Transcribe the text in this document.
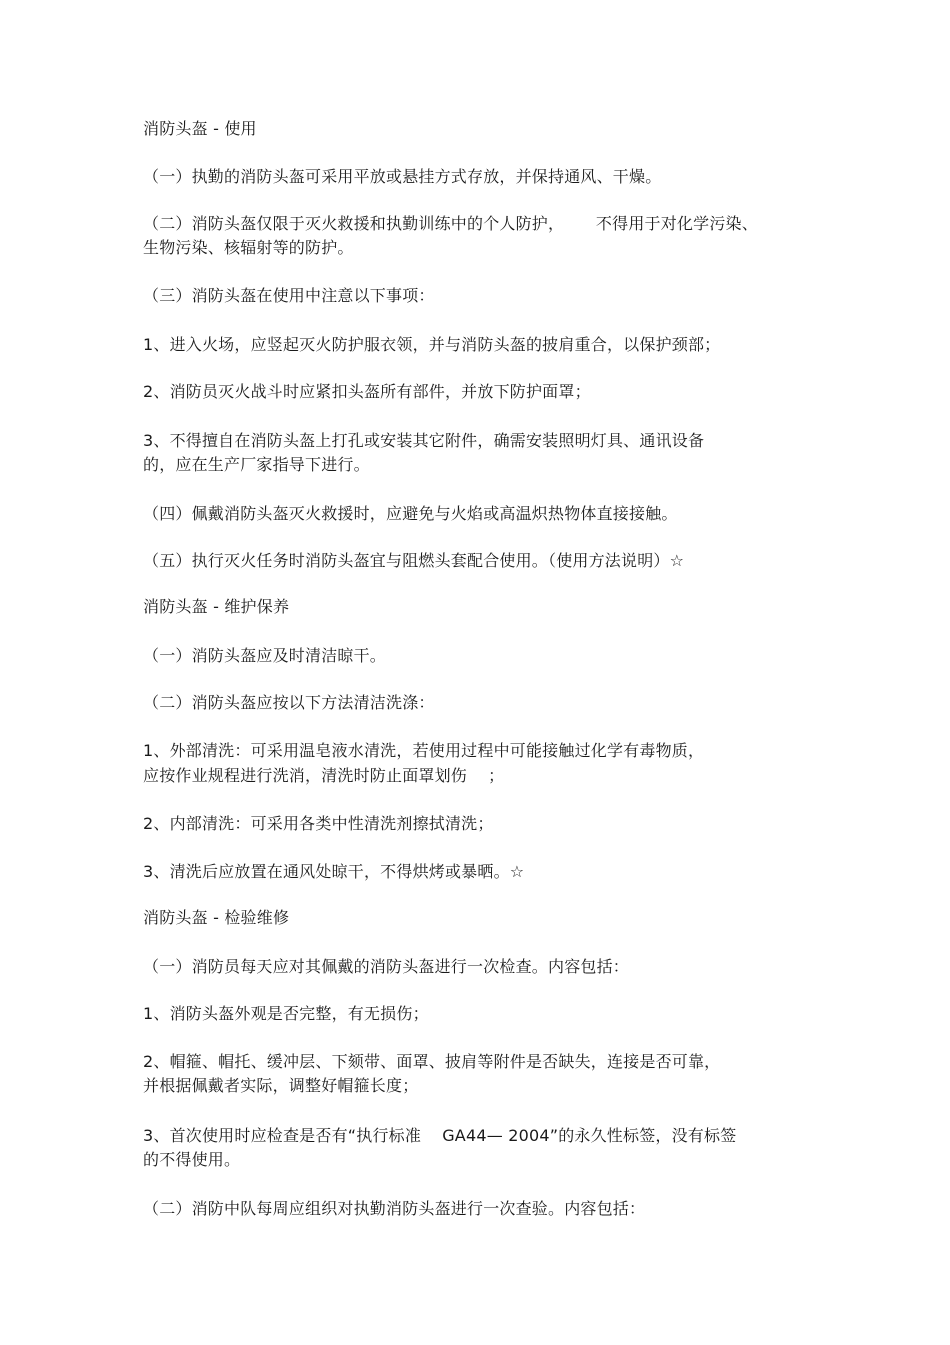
消防头盔 - 使用
（一）执勤的消防头盔可采用平放或悬挂方式存放，并保持通风、干燥。
（二）消防头盔仅限于灭火救援和执勤训练中的个人防护，      不得用于对化学污染、
生物污染、核辐射等的防护。
（三）消防头盔在使用中注意以下事项：
1、进入火场，应竖起灭火防护服衣领，并与消防头盔的披肩重合，以保护颈部；
2、消防员灭火战斗时应紧扣头盔所有部件，并放下防护面罩；
3、不得擅自在消防头盔上打孔或安装其它附件，确需安装照明灯具、通讯设备
的，应在生产厂家指导下进行。
（四）佩戴消防头盔灭火救援时，应避免与火焰或高温炽热物体直接接触。
（五）执行灭火任务时消防头盔宜与阻燃头套配合使用。（使用方法说明）☆
消防头盔 - 维护保养
（一）消防头盔应及时清洁晾干。
（二）消防头盔应按以下方法清洁洗涤：
1、外部清洗：可采用温皂液水清洗，若使用过程中可能接触过化学有毒物质，
应按作业规程进行洗消，清洗时防止面罩划伤    ；
2、内部清洗：可采用各类中性清洗剂擦拭清洗；
3、清洗后应放置在通风处晾干，不得烘烤或暴晒。☆
消防头盔 - 检验维修
（一）消防员每天应对其佩戴的消防头盔进行一次检查。内容包括：
1、消防头盔外观是否完整，有无损伤；
2、帽箍、帽托、缓冲层、下颏带、面罩、披肩等附件是否缺失，连接是否可靠，
并根据佩戴者实际，调整好帽箍长度；
3、首次使用时应检查是否有“执行标准    GA44— 2004”的永久性标签，没有标签
的不得使用。
（二）消防中队每周应组织对执勤消防头盔进行一次查验。内容包括：
